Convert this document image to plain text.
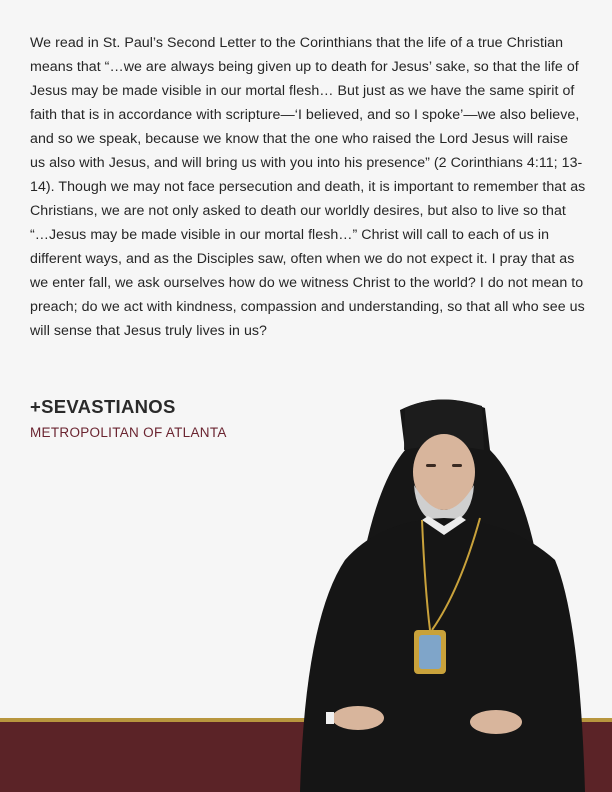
We read in St. Paul’s Second Letter to the Corinthians that the life of a true Christian means that “…we are always being given up to death for Jesus’ sake, so that the life of Jesus may be made visible in our mortal flesh… But just as we have the same spirit of faith that is in accordance with scripture—‘I believed, and so I spoke’—we also believe, and so we speak, because we know that the one who raised the Lord Jesus will raise us also with Jesus, and will bring us with you into his presence” (2 Corinthians 4:11; 13-14). Though we may not face persecution and death, it is important to remember that as Christians, we are not only asked to death our worldly desires, but also to live so that “…Jesus may be made visible in our mortal flesh…” Christ will call to each of us in different ways, and as the Disciples saw, often when we do not expect it. I pray that as we enter fall, we ask ourselves how do we witness Christ to the world? I do not mean to preach; do we act with kindness, compassion and understanding, so that all who see us will sense that Jesus truly lives in us?

+SEVASTIANOS
METROPOLITAN OF ATLANTA
